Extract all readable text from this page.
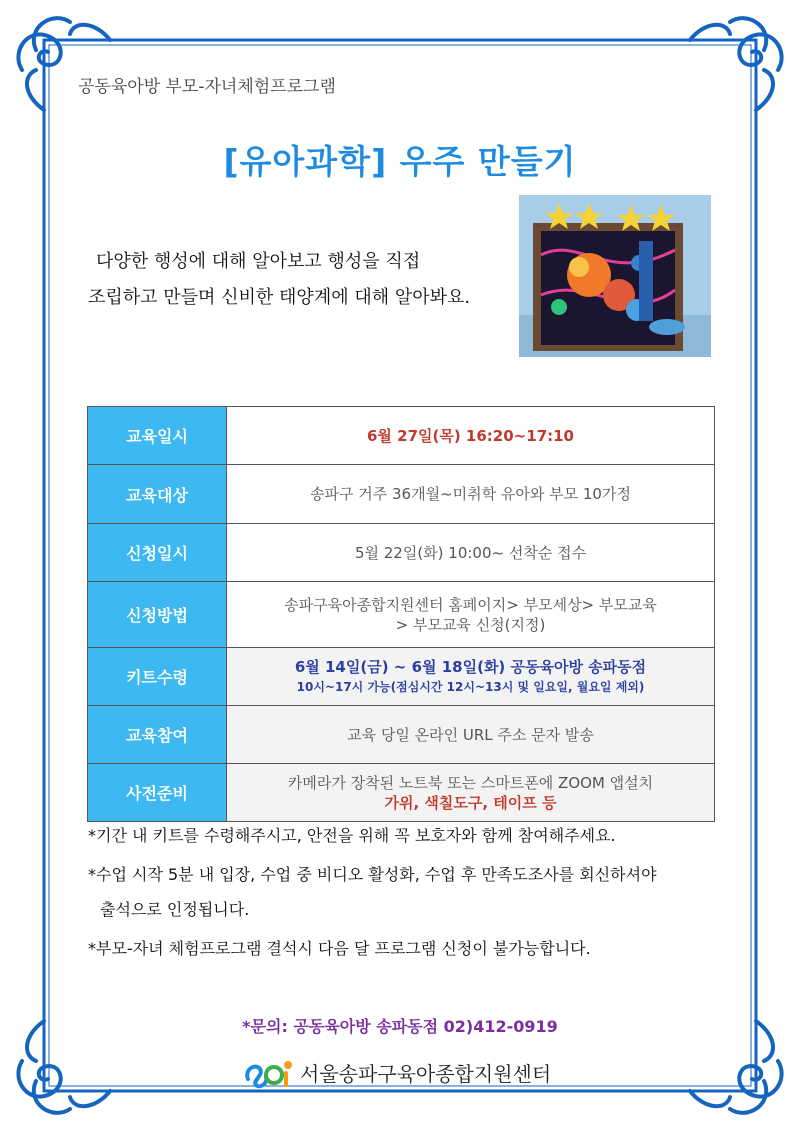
공동육아방 부모-자녀체험프로그램
[유아과학] 우주 만들기
다양한 행성에 대해 알아보고 행성을 직접
조립하고 만들며 신비한 태양계에 대해 알아봐요.
교육일시	6월 27일(목) 16:20~17:10
교육대상	송파구 거주 36개월~미취학 유아와 부모 10가정
신청일시	5월 22일(화) 10:00~ 선착순 접수
신청방법	송파구육아종합지원센터 홈페이지> 부모세상> 부모교육
> 부모교육 신청(지정)

키트수령	6월 14일(금) ~ 6월 18일(화) 공동육아방 송파동점
10시~17시 가능(점심시간 12시~13시 및 일요일, 월요일 제외)

교육참여	교육 당일 온라인 URL 주소 문자 발송
사전준비	카메라가 장착된 노트북 또는 스마트폰에 ZOOM 앱설치
가위, 색칠도구, 테이프 등

*기간 내 키트를 수령해주시고, 안전을 위해 꼭 보호자와 함께 참여해주세요.

*수업 시작 5분 내 입장, 수업 중 비디오 활성화, 수업 후 만족도조사를 회신하셔야

출석으로 인정됩니다.

*부모-자녀 체험프로그램 결석시 다음 달 프로그램 신청이 불가능합니다.

*문의: 공동육아방 송파동점 02)412-0919
서울송파구육아종합지원센터
